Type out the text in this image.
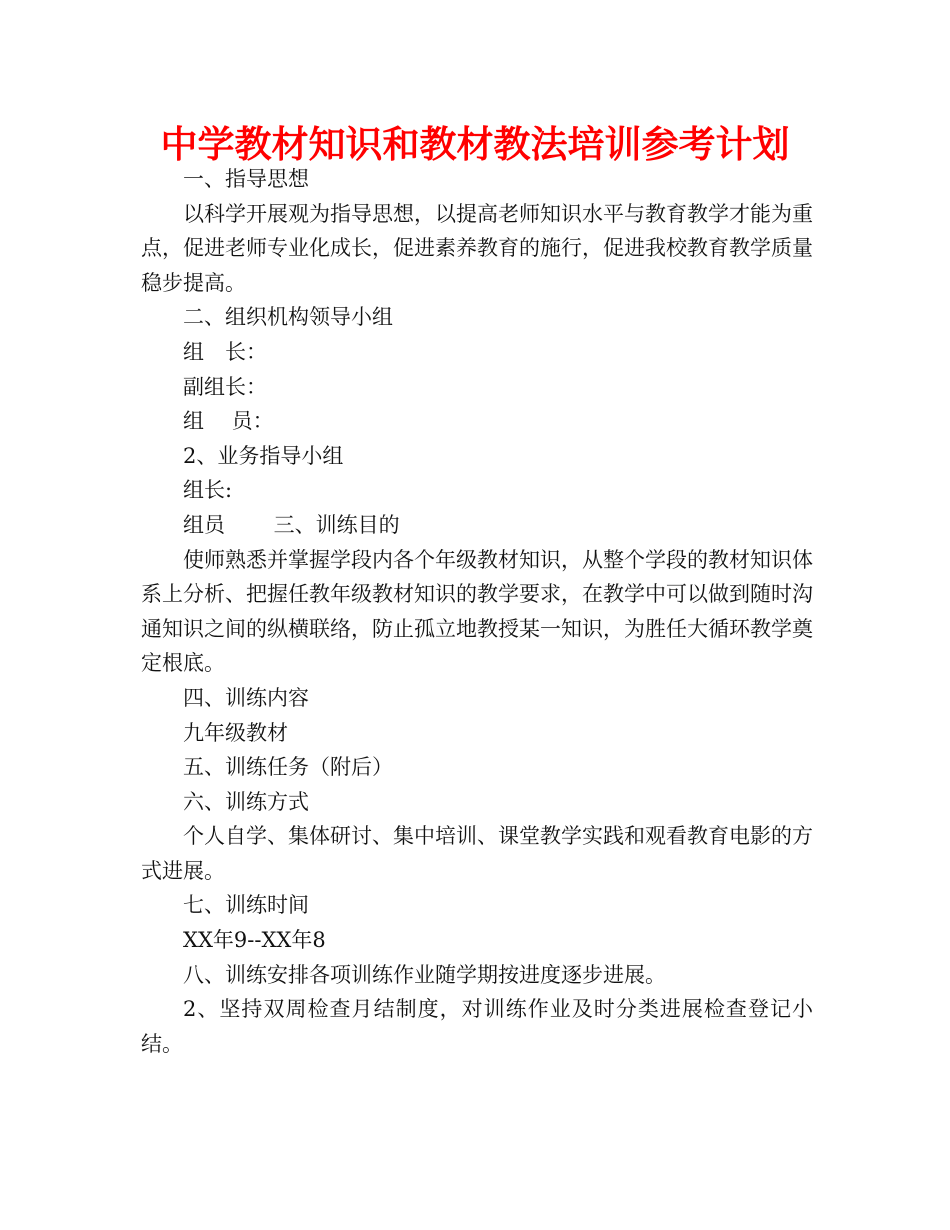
中学教材知识和教材教法培训参考计划

一、指导思想

以科学开展观为指导思想，以提高老师知识水平与教育教学才能为重点，促进老师专业化成长，促进素养教育的施行，促进我校教育教学质量稳步提高。

二、组织机构领导小组

组　长：

副组长：

组　 员：

2、业务指导小组

组长:

组员　　 三、训练目的

使师熟悉并掌握学段内各个年级教材知识，从整个学段的教材知识体系上分析、把握任教年级教材知识的教学要求，在教学中可以做到随时沟通知识之间的纵横联络，防止孤立地教授某一知识，为胜任大循环教学奠定根底。

四、训练内容

九年级教材

五、训练任务（附后）

六、训练方式

个人自学、集体研讨、集中培训、课堂教学实践和观看教育电影的方式进展。

七、训练时间

XX年9--XX年8

八、训练安排各项训练作业随学期按进度逐步进展。

2、坚持双周检查月结制度，对训练作业及时分类进展检查登记小结。
